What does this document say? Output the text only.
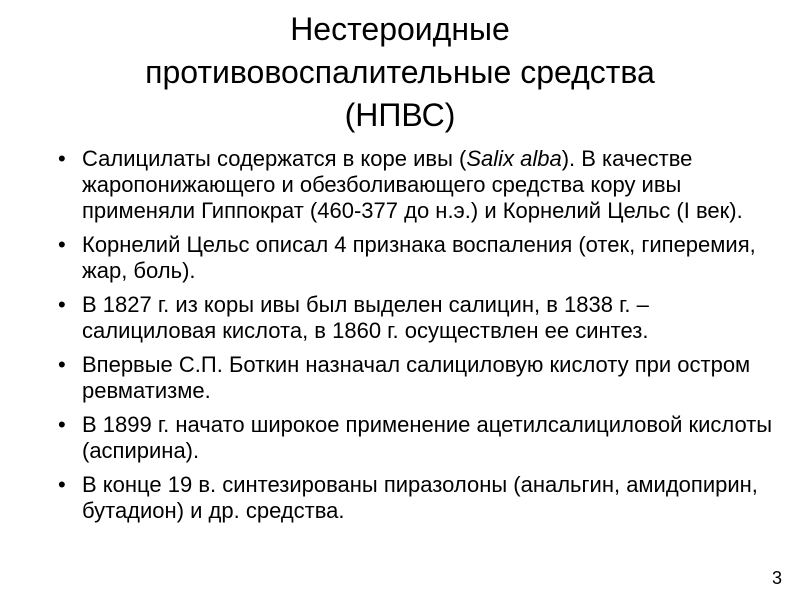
Нестероидные
противовоспалительные средства
(НПВС)
• Салицилаты содержатся в коре ивы (Salix alba). В качестве жаропонижающего и обезболивающего средства кору ивы применяли Гиппократ (460-377 до н.э.) и Корнелий Цельс (I век).
• Корнелий Цельс описал 4 признака воспаления (отек, гиперемия, жар, боль).
• В 1827 г. из коры ивы был выделен салицин, в 1838 г. – салициловая кислота, в 1860 г. осуществлен ее синтез.
• Впервые С.П. Боткин назначал салициловую кислоту при остром ревматизме.
• В 1899 г. начато широкое применение ацетилсалициловой кислоты (аспирина).
• В конце 19 в. синтезированы пиразолоны (анальгин, амидопирин, бутадион) и др. средства.
3
